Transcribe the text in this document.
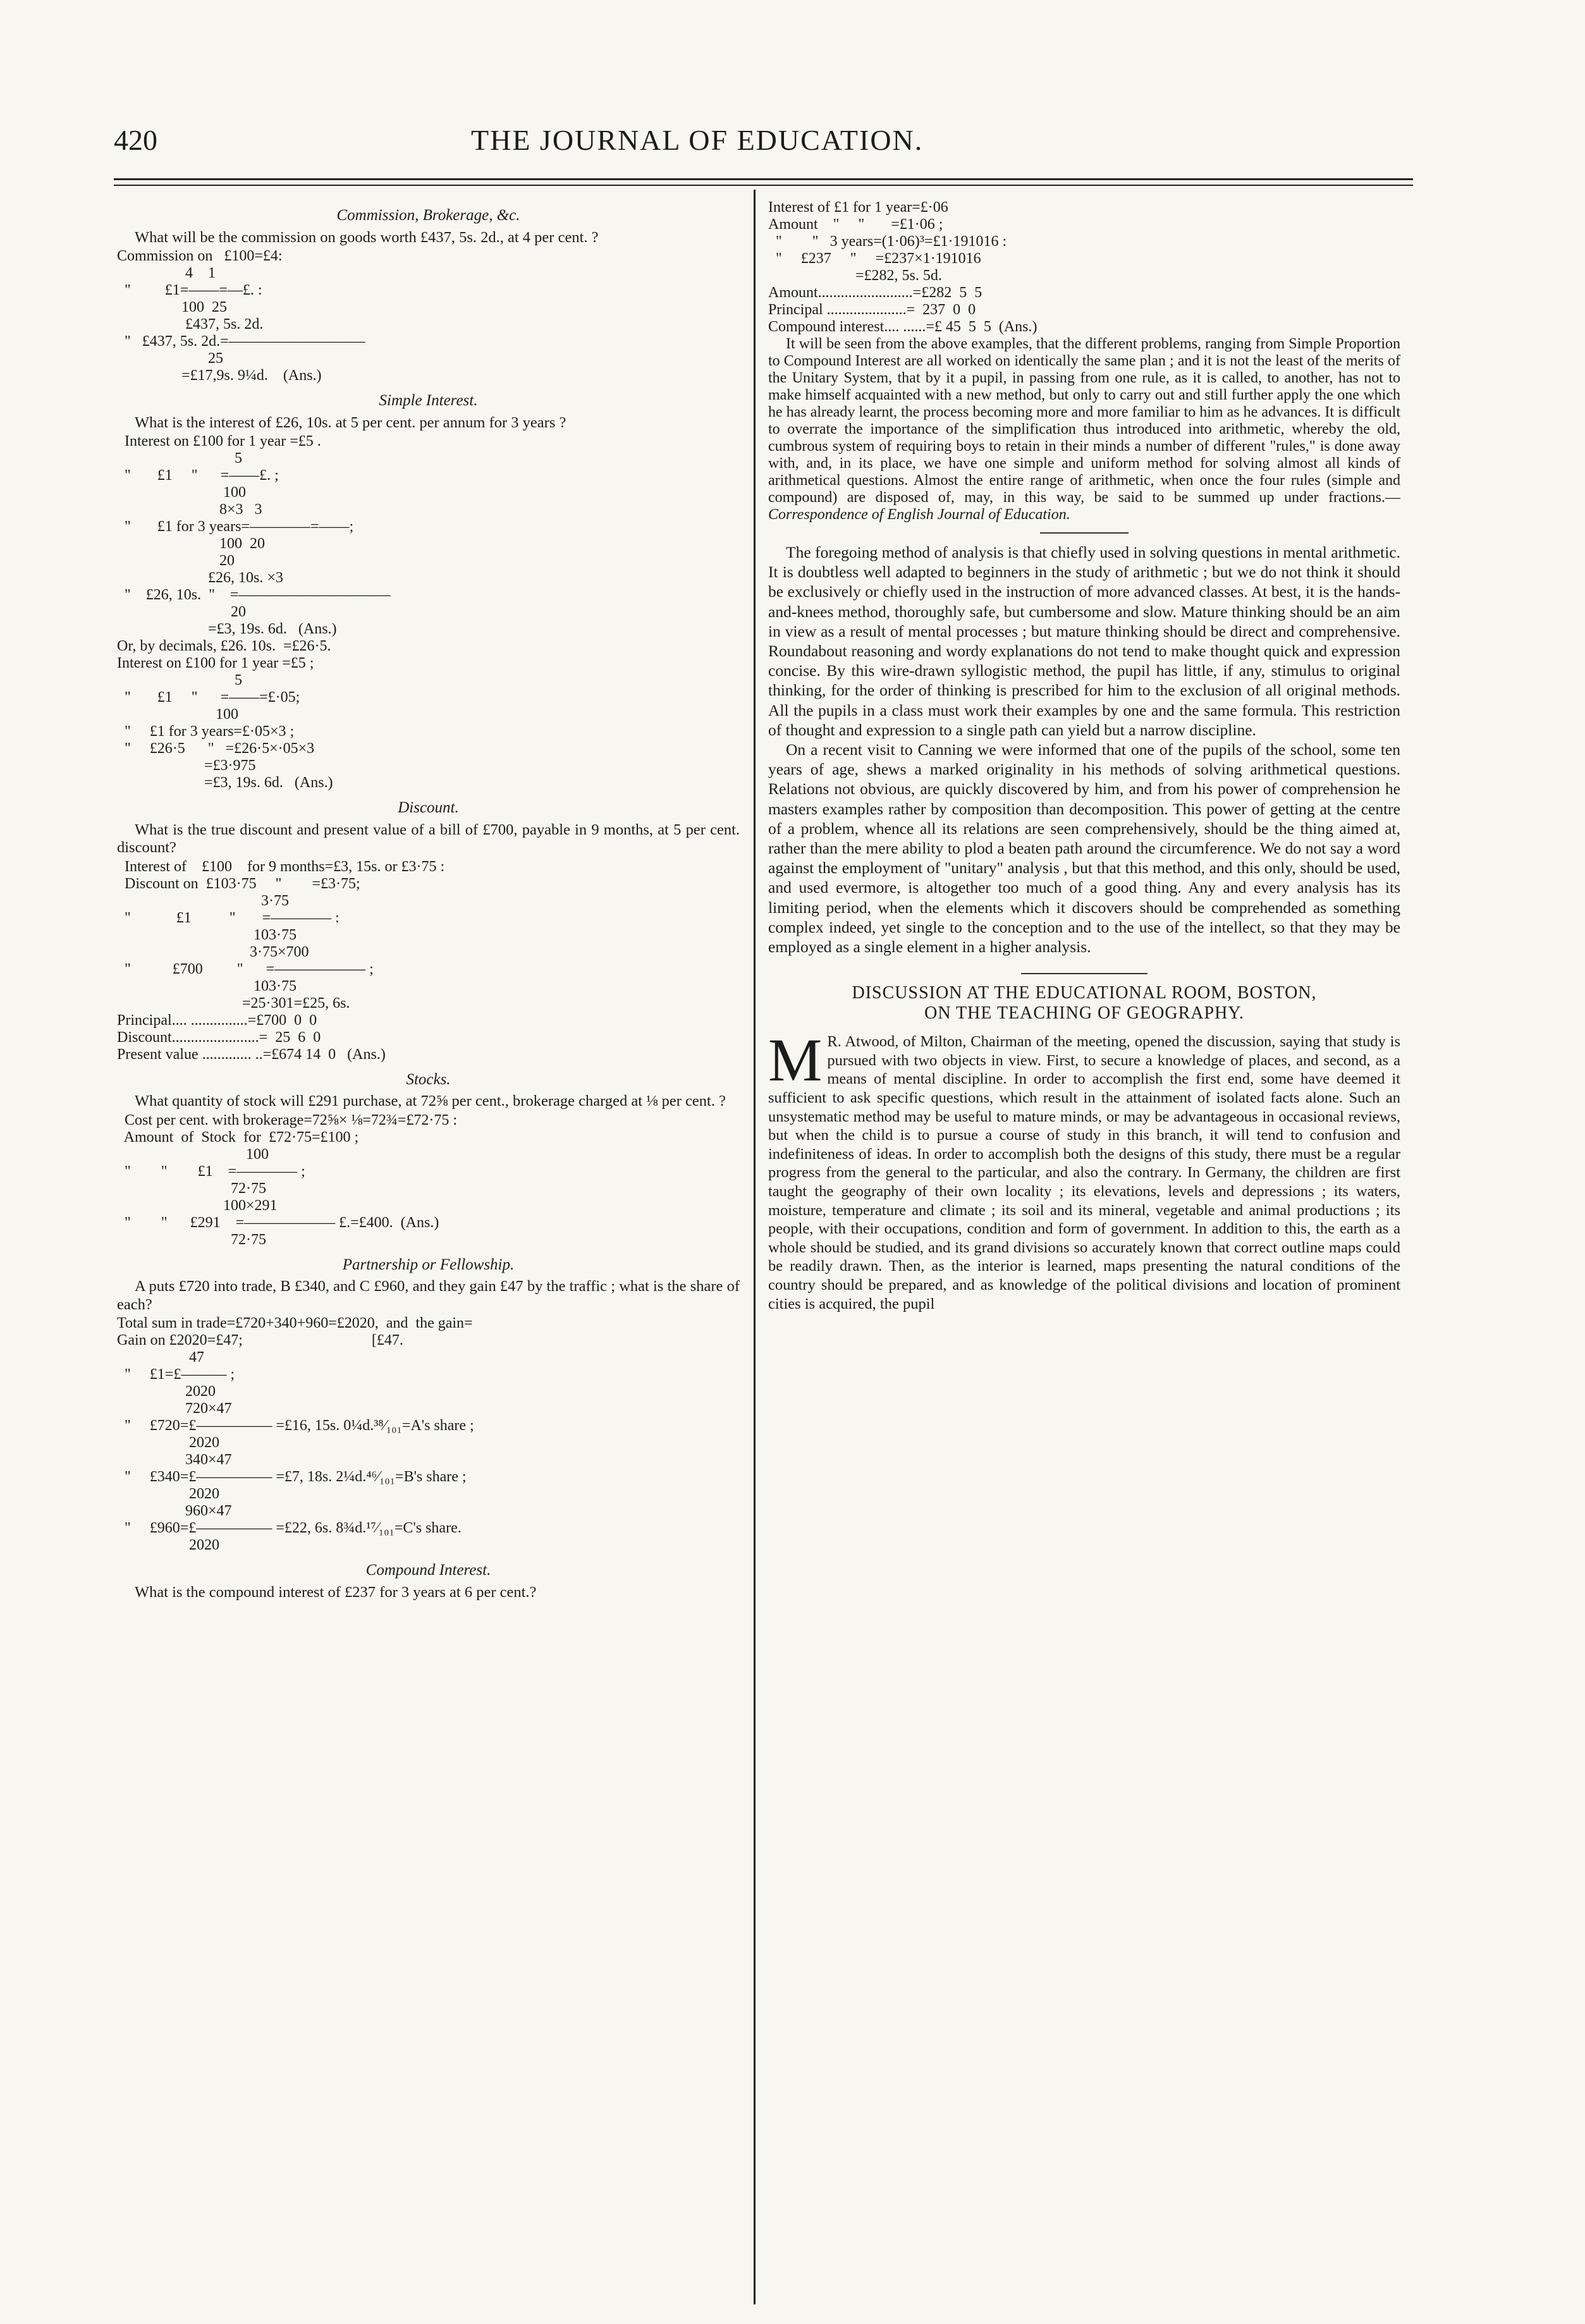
420	THE JOURNAL OF EDUCATION.
Commission, Brokerage, &c.

What will be the commission on goods worth £437, 5s. 2d., at 4 per cent. ?

Commission on   £100=£4:

4    1

"         £1=——=—£. :

100  25

£437, 5s. 2d.

"   £437, 5s. 2d.=—————————

25

=£17,9s. 9¼d.    (Ans.)

Simple Interest.

What is the interest of £26, 10s. at 5 per cent. per annum for 3 years ?

Interest on £100 for 1 year =£5 .

5

"       £1     "      =——£. ;

100

8×3   3

"       £1 for 3 years=————=——;

100  20

20

£26, 10s. ×3

"    £26, 10s.  "    =——————————

20

=£3, 19s. 6d.   (Ans.)

Or, by decimals, £26. 10s.  =£26·5.

Interest on £100 for 1 year =£5 ;

5

"       £1     "      =——=£·05;

100

"     £1 for 3 years=£·05×3 ;

"     £26·5      "   =£26·5×·05×3

=£3·975

=£3, 19s. 6d.   (Ans.)

Discount.

What is the true discount and present value of a bill of £700, payable in 9 months, at 5 per cent. discount?

Interest of    £100    for 9 months=£3, 15s. or £3·75 :

Discount on  £103·75     "        =£3·75;

3·75

"            £1          "       =———— :

103·75

3·75×700

"           £700         "      =—————— ;

103·75

=25·301=£25, 6s.

Principal.... ...............=£700  0  0

Discount.......................=  25  6  0

Present value ............. ..=£674 14  0   (Ans.)

Stocks.

What quantity of stock will £291 purchase, at 72⅝ per cent., brokerage charged at ⅛ per cent. ?

Cost per cent. with brokerage=72⅝× ⅛=72¾=£72·75 :

Amount  of  Stock  for  £72·75=£100 ;

100

"        "        £1    =———— ;

72·75

100×291

"        "      £291    =—————— £.=£400.  (Ans.)

72·75

Partnership or Fellowship.

A puts £720 into trade, B £340, and C £960, and they gain £47 by the traffic ; what is the share of each?

Total sum in trade=£720+340+960=£2020,  and  the gain=

Gain on £2020=£47;                                  [£47.

47

"     £1=£——— ;

2020

720×47

"     £720=£————— =£16, 15s. 0¼d.³⁸⁄₁₀₁=A's share ;

2020

340×47

"     £340=£————— =£7, 18s. 2¼d.⁴⁶⁄₁₀₁=B's share ;

2020

960×47

"     £960=£————— =£22, 6s. 8¾d.¹⁷⁄₁₀₁=C's share.

2020

Compound Interest.

What is the compound interest of £237 for 3 years at 6 per cent.?

Interest of £1 for 1 year=£·06

Amount    "     "       =£1·06 ;

"        "   3 years=(1·06)³=£1·191016 :

"     £237     "     =£237×1·191016

=£282, 5s. 5d.

Amount.........................=£282  5  5

Principal .....................=  237  0  0

Compound interest.... ......=£ 45  5  5  (Ans.)

It will be seen from the above examples, that the different problems, ranging from Simple Proportion to Compound Interest are all worked on identically the same plan ; and it is not the least of the merits of the Unitary System, that by it a pupil, in passing from one rule, as it is called, to another, has not to make himself acquainted with a new method, but only to carry out and still further apply the one which he has already learnt, the process becoming more and more familiar to him as he advances. It is difficult to overrate the importance of the simplification thus introduced into arithmetic, whereby the old, cumbrous system of requiring boys to retain in their minds a number of different "rules," is done away with, and, in its place, we have one simple and uniform method for solving almost all kinds of arithmetical questions. Almost the entire range of arithmetic, when once the four rules (simple and compound) are disposed of, may, in this way, be said to be summed up under fractions.—Correspondence of English Journal of Education.

The foregoing method of analysis is that chiefly used in solving questions in mental arithmetic. It is doubtless well adapted to beginners in the study of arithmetic ; but we do not think it should be exclusively or chiefly used in the instruction of more advanced classes. At best, it is the hands-and-knees method, thoroughly safe, but cumbersome and slow. Mature thinking should be an aim in view as a result of mental processes ; but mature thinking should be direct and comprehensive. Roundabout reasoning and wordy explanations do not tend to make thought quick and expression concise. By this wire-drawn syllogistic method, the pupil has little, if any, stimulus to original thinking, for the order of thinking is prescribed for him to the exclusion of all original methods. All the pupils in a class must work their examples by one and the same formula. This restriction of thought and expression to a single path can yield but a narrow discipline.

On a recent visit to Canning we were informed that one of the pupils of the school, some ten years of age, shews a marked originality in his methods of solving arithmetical questions. Relations not obvious, are quickly discovered by him, and from his power of comprehension he masters examples rather by composition than decomposition. This power of getting at the centre of a problem, whence all its relations are seen comprehensively, should be the thing aimed at, rather than the mere ability to plod a beaten path around the circumference. We do not say a word against the employment of "unitary" analysis , but that this method, and this only, should be used, and used evermore, is altogether too much of a good thing. Any and every analysis has its limiting period, when the elements which it discovers should be comprehended as something complex indeed, yet single to the conception and to the use of the intellect, so that they may be employed as a single element in a higher analysis.

DISCUSSION AT THE EDUCATIONAL ROOM, BOSTON,
ON THE TEACHING OF GEOGRAPHY.

M R. Atwood, of Milton, Chairman of the meeting, opened the discussion, saying that study is pursued with two objects in view. First, to secure a knowledge of places, and second, as a means of mental discipline. In order to accomplish the first end, some have deemed it sufficient to ask specific questions, which result in the attainment of isolated facts alone. Such an unsystematic method may be useful to mature minds, or may be advantageous in occasional reviews, but when the child is to pursue a course of study in this branch, it will tend to confusion and indefiniteness of ideas. In order to accomplish both the designs of this study, there must be a regular progress from the general to the particular, and also the contrary. In Germany, the children are first taught the geography of their own locality ; its elevations, levels and depressions ; its waters, moisture, temperature and climate ; its soil and its mineral, vegetable and animal productions ; its people, with their occupations, condition and form of government. In addition to this, the earth as a whole should be studied, and its grand divisions so accurately known that correct outline maps could be readily drawn. Then, as the interior is learned, maps presenting the natural conditions of the country should be prepared, and as knowledge of the political divisions and location of prominent cities is acquired, the pupil
